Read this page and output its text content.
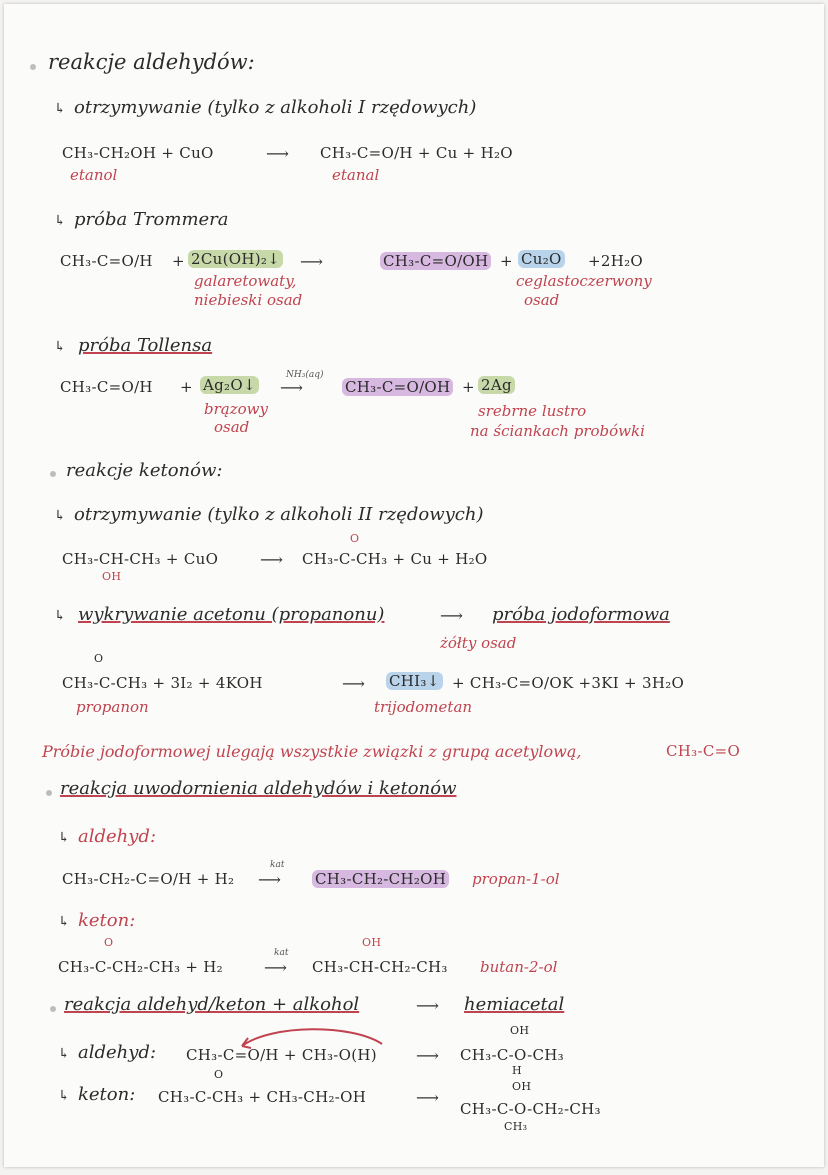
reakcje aldehydów:
↳ otrzymywanie (tylko z alkoholi I rzędowych)
CH₃-CH₂OH + CuO	⟶ CH₃-C=O/H + Cu + H₂O
etanol	etanal
↳ próba Trommera
CH₃-C=O/H + 2Cu(OH)₂↓
galaretowaty,
niebieski osad
⟶	CH₃-C=O/OH + Cu₂O +2H₂O
ceglastoczerwony
osad
↳ próba Tollensa
CH₃-C=O/H + Ag₂O↓
brązowy
osad
NH₃(aq)
⟶	CH₃-C=O/OH + 2Ag
srebrne lustro
na ściankach probówki
reakcje ketonów:
↳ otrzymywanie (tylko z alkoholi II rzędowych)
CH₃-CH-CH₃ + CuO
OH
⟶
O
CH₃-C-CH₃ + Cu + H₂O
↳ wykrywanie acetonu (propanonu)	⟶ próba jodoformowa
żółty osad
O
CH₃-C-CH₃ + 3I₂ + 4KOH	⟶ CHI₃↓ + CH₃-C=O/OK +3KI + 3H₂O
propanon	trijodometan
Próbie jodoformowej ulegają wszystkie związki z grupą acetylową,	CH₃-C=O
reakcja uwodornienia aldehydów i ketonów
↳ aldehyd:
CH₃-CH₂-C=O/H + H₂
kat
⟶ CH₃-CH₂-CH₂OH propan-1-ol
↳ keton:
O
CH₃-C-CH₂-CH₃ + H₂
kat
⟶
OH
CH₃-CH-CH₂-CH₃ butan-2-ol
reakcja aldehyd/keton + alkohol	⟶ hemiacetal
↳ aldehyd: CH₃-C=O/H + CH₃-O(H) ⟶
OH
CH₃-C-O-CH₃
H
↳ keton:
O
CH₃-C-CH₃ + CH₃-CH₂-OH	⟶
OH
CH₃-C-O-CH₂-CH₃
CH₃
